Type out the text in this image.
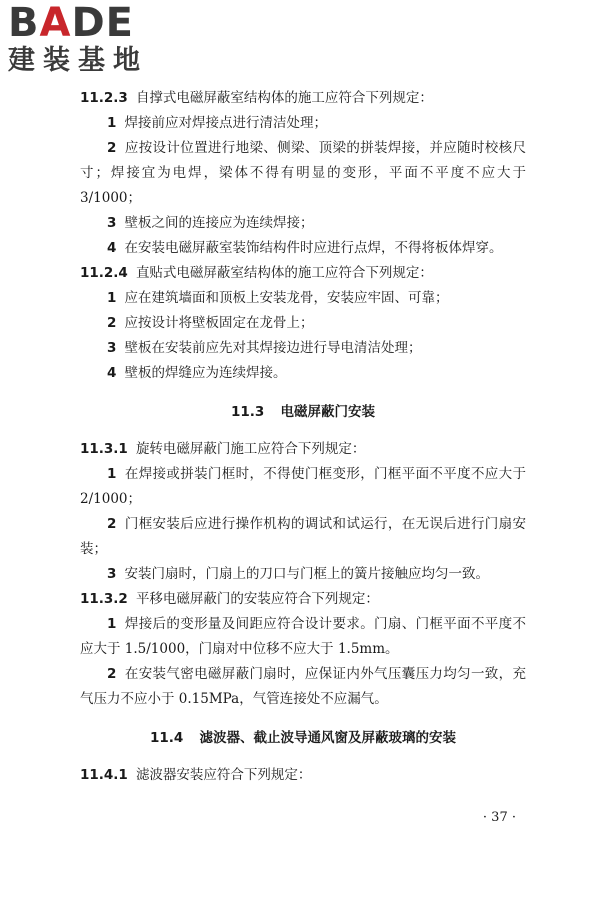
BADE
建装基地

11.2.3 自撑式电磁屏蔽室结构体的施工应符合下列规定：

1 焊接前应对焊接点进行清洁处理；

2 应按设计位置进行地梁、侧梁、顶梁的拼装焊接，并应随时校核尺寸；焊接宜为电焊，梁体不得有明显的变形，平面不平度不应大于 3/1000；

3 壁板之间的连接应为连续焊接；

4 在安装电磁屏蔽室装饰结构件时应进行点焊，不得将板体焊穿。

11.2.4 直贴式电磁屏蔽室结构体的施工应符合下列规定：

1 应在建筑墙面和顶板上安装龙骨，安装应牢固、可靠；

2 应按设计将壁板固定在龙骨上；

3 壁板在安装前应先对其焊接边进行导电清洁处理；

4 壁板的焊缝应为连续焊接。

11.3 电磁屏蔽门安装

11.3.1 旋转电磁屏蔽门施工应符合下列规定：

1 在焊接或拼装门框时，不得使门框变形，门框平面不平度不应大于 2/1000；

2 门框安装后应进行操作机构的调试和试运行，在无误后进行门扇安装；

3 安装门扇时，门扇上的刀口与门框上的簧片接触应均匀一致。

11.3.2 平移电磁屏蔽门的安装应符合下列规定：

1 焊接后的变形量及间距应符合设计要求。门扇、门框平面不平度不应大于 1.5/1000，门扇对中位移不应大于 1.5mm。

2 在安装气密电磁屏蔽门扇时，应保证内外气压囊压力均匀一致，充气压力不应小于 0.15MPa，气管连接处不应漏气。

11.4 滤波器、截止波导通风窗及屏蔽玻璃的安装

11.4.1 滤波器安装应符合下列规定：

· 37 ·
